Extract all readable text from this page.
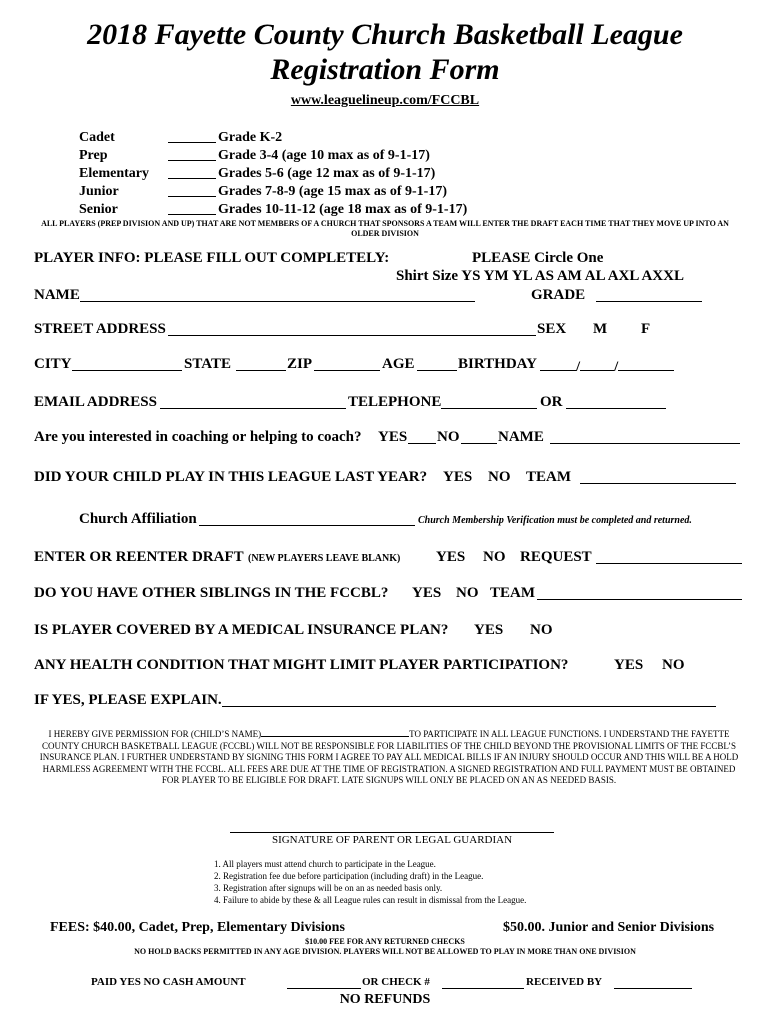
2018 Fayette County Church Basketball League
Registration Form
www.leaguelineup.com/FCCBL
Cadet	Grade K-2
Prep	Grade 3-4 (age 10 max as of 9-1-17)
Elementary	Grades 5-6 (age 12 max as of 9-1-17)
Junior	Grades 7-8-9 (age 15 max as of 9-1-17)
Senior	Grades 10-11-12 (age 18 max as of 9-1-17)
ALL PLAYERS (PREP DIVISION AND UP) THAT ARE NOT MEMBERS OF A CHURCH THAT SPONSORS A TEAM WILL ENTER THE DRAFT EACH TIME THAT THEY MOVE UP INTO AN OLDER DIVISION
PLAYER INFO: PLEASE FILL OUT COMPLETELY:	PLEASE Circle One
Shirt Size YS YM YL AS AM AL AXL AXXL
NAME	GRADE
STREET ADDRESS	SEX M F
CITY	STATE	ZIP	AGE	BIRTHDAY	/ /
EMAIL ADDRESS	TELEPHONE	OR
Are you interested in coaching or helping to coach? YES NO	NAME
DID YOUR CHILD PLAY IN THIS LEAGUE LAST YEAR? YES NO TEAM
Church Affiliation	Church Membership Verification must be completed and returned.
ENTER OR REENTER DRAFT (NEW PLAYERS LEAVE BLANK) YES NO REQUEST
DO YOU HAVE OTHER SIBLINGS IN THE FCCBL? YES NO TEAM
IS PLAYER COVERED BY A MEDICAL INSURANCE PLAN? YES NO
ANY HEALTH CONDITION THAT MIGHT LIMIT PLAYER PARTICIPATION?	YES NO
IF YES, PLEASE EXPLAIN.
I HEREBY GIVE PERMISSION FOR (CHILD’S NAME)	TO PARTICIPATE IN ALL LEAGUE FUNCTIONS. I UNDERSTAND THE FAYETTE COUNTY CHURCH BASKETBALL LEAGUE (FCCBL) WILL NOT BE RESPONSIBLE FOR LIABILITIES OF THE CHILD BEYOND THE PROVISIONAL LIMITS OF THE FCCBL’S INSURANCE PLAN. I FURTHER UNDERSTAND BY SIGNING THIS FORM I AGREE TO PAY ALL MEDICAL BILLS IF AN INJURY SHOULD OCCUR AND THIS WILL BE A HOLD HARMLESS AGREEMENT WITH THE FCCBL. ALL FEES ARE DUE AT THE TIME OF REGISTRATION. A SIGNED REGISTRATION AND FULL PAYMENT MUST BE OBTAINED FOR PLAYER TO BE ELIGIBLE FOR DRAFT. LATE SIGNUPS WILL ONLY BE PLACED ON AN AS NEEDED BASIS.
SIGNATURE OF PARENT OR LEGAL GUARDIAN
1. All players must attend church to participate in the League.
2. Registration fee due before participation (including draft) in the League.
3. Registration after signups will be on an as needed basis only.
4. Failure to abide by these & all League rules can result in dismissal from the League.
FEES: $40.00, Cadet, Prep, Elementary Divisions	$50.00. Junior and Senior Divisions
$10.00 FEE FOR ANY RETURNED CHECKS
NO HOLD BACKS PERMITTED IN ANY AGE DIVISION. PLAYERS WILL NOT BE ALLOWED TO PLAY IN MORE THAN ONE DIVISION
PAID YES NO CASH AMOUNT	OR CHECK #	RECEIVED BY
NO REFUNDS
